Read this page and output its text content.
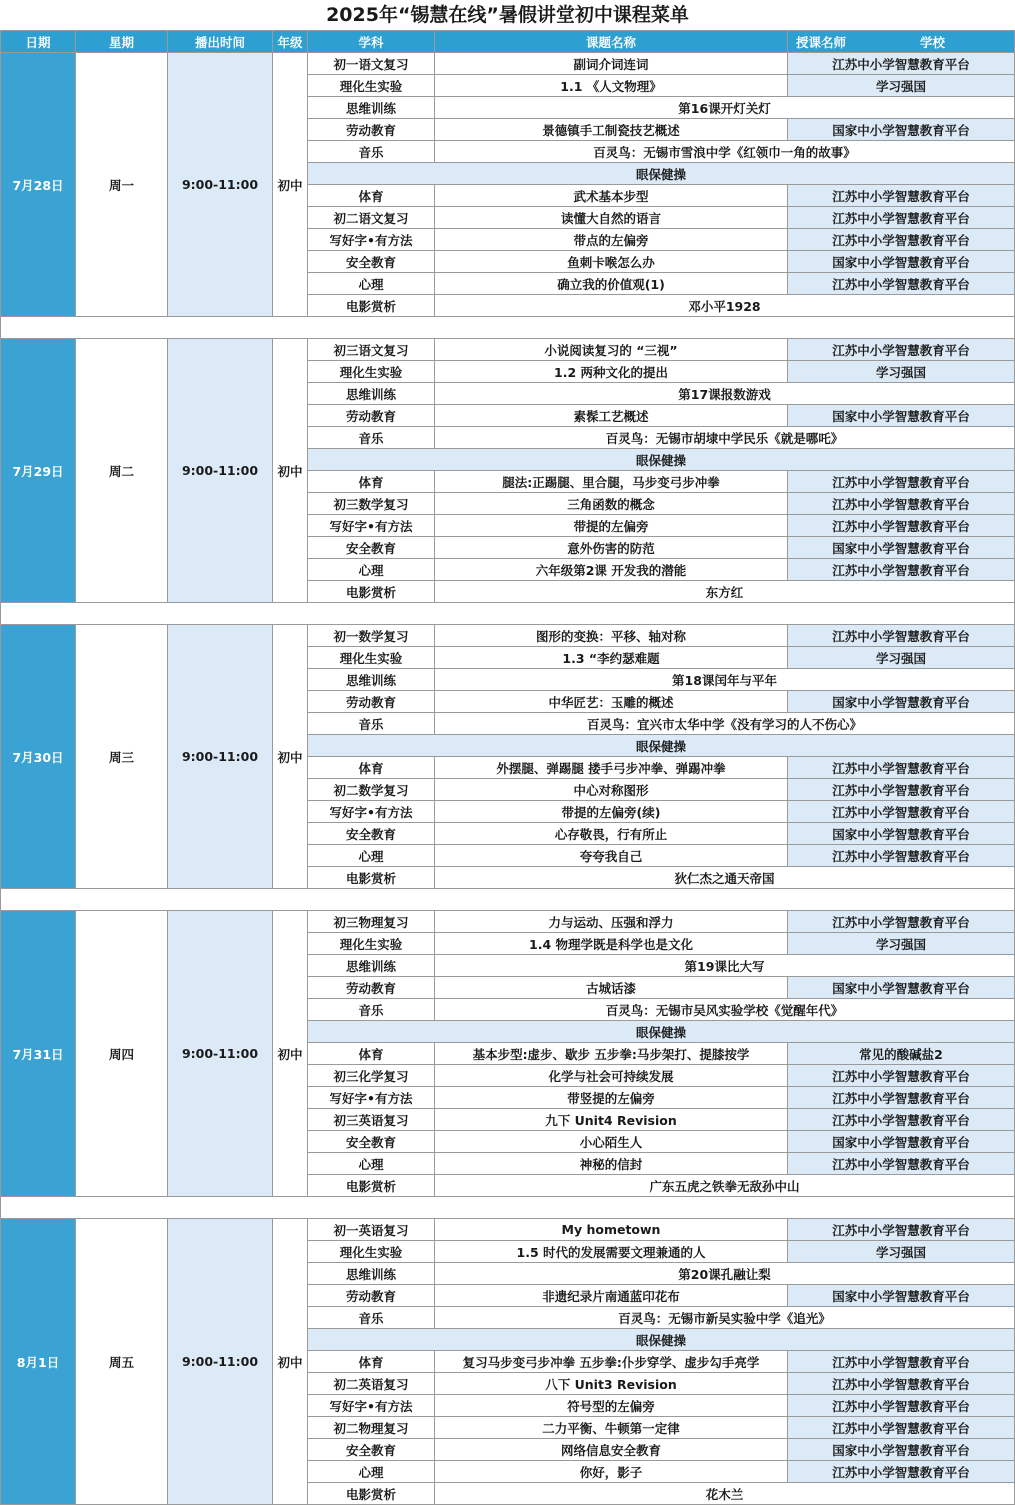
2025年“锡慧在线”暑假讲堂初中课程菜单
日期	星期	播出时间	年级	学科	课题名称	授课名师 学校

7月28日	周一	9:00-11:00	初中	初一语文复习	副词介词连词	江苏中小学智慧教育平台
				理化生实验	1.1 《人文物理》	学习强国
				思维训练	第16课开灯关灯	
				劳动教育	景德镇手工制瓷技艺概述	国家中小学智慧教育平台
				音乐	百灵鸟：无锡市雪浪中学《红领巾一角的故事》	
				眼保健操		
				体育	武术基本步型	江苏中小学智慧教育平台
				初二语文复习	读懂大自然的语言	江苏中小学智慧教育平台
				写好字•有方法	带点的左偏旁	江苏中小学智慧教育平台
				安全教育	鱼刺卡喉怎么办	国家中小学智慧教育平台
				心理	确立我的价值观(1)	江苏中小学智慧教育平台
				电影赏析	邓小平1928	

7月29日	周二	9:00-11:00	初中	初三语文复习	小说阅读复习的 “三视”	江苏中小学智慧教育平台
				理化生实验	1.2 两种文化的提出	学习强国
				思维训练	第17课报数游戏	
				劳动教育	素髹工艺概述	国家中小学智慧教育平台
				音乐	百灵鸟：无锡市胡埭中学民乐《就是哪吒》	
				眼保健操		
				体育	腿法:正踢腿、里合腿，马步变弓步冲拳	江苏中小学智慧教育平台
				初三数学复习	三角函数的概念	江苏中小学智慧教育平台
				写好字•有方法	带提的左偏旁	江苏中小学智慧教育平台
				安全教育	意外伤害的防范	国家中小学智慧教育平台
				心理	六年级第2课 开发我的潜能	江苏中小学智慧教育平台
				电影赏析	东方红	

7月30日	周三	9:00-11:00	初中	初一数学复习	图形的变换：平移、轴对称	江苏中小学智慧教育平台
				理化生实验	1.3 “李约瑟难题	学习强国
				思维训练	第18课闰年与平年	
				劳动教育	中华匠艺：玉雕的概述	国家中小学智慧教育平台
				音乐	百灵鸟：宜兴市太华中学《没有学习的人不伤心》	
				眼保健操		
				体育	外摆腿、弹踢腿 搂手弓步冲拳、弹踢冲拳	江苏中小学智慧教育平台
				初二数学复习	中心对称图形	江苏中小学智慧教育平台
				写好字•有方法	带提的左偏旁(续)	江苏中小学智慧教育平台
				安全教育	心存敬畏，行有所止	国家中小学智慧教育平台
				心理	夸夸我自己	江苏中小学智慧教育平台
				电影赏析	狄仁杰之通天帝国	

7月31日	周四	9:00-11:00	初中	初三物理复习	力与运动、压强和浮力	江苏中小学智慧教育平台
				理化生实验	1.4 物理学既是科学也是文化	学习强国
				思维训练	第19课比大写	
				劳动教育	古城话漆	国家中小学智慧教育平台
				音乐	百灵鸟：无锡市吴风实验学校《觉醒年代》	
				眼保健操		
				体育	基本步型:虚步、歇步 五步拳:马步架打、提膝按学	常见的酸碱盐2
				初三化学复习	化学与社会可持续发展	江苏中小学智慧教育平台
				写好字•有方法	带竖提的左偏旁	江苏中小学智慧教育平台
				初三英语复习	九下 Unit4 Revision	江苏中小学智慧教育平台
				安全教育	小心陌生人	国家中小学智慧教育平台
				心理	神秘的信封	江苏中小学智慧教育平台
				电影赏析	广东五虎之铁拳无敌孙中山	

8月1日	周五	9:00-11:00	初中	初一英语复习	My hometown	江苏中小学智慧教育平台
				理化生实验	1.5 时代的发展需要文理兼通的人	学习强国
				思维训练	第20课孔融让梨	
				劳动教育	非遗纪录片南通蓝印花布	国家中小学智慧教育平台
				音乐	百灵鸟：无锡市新吴实验中学《追光》	
				眼保健操		
				体育	复习马步变弓步冲拳 五步拳:仆步穿学、虚步勾手亮学	江苏中小学智慧教育平台
				初二英语复习	八下 Unit3 Revision	江苏中小学智慧教育平台
				写好字•有方法	符号型的左偏旁	江苏中小学智慧教育平台
				初二物理复习	二力平衡、牛顿第一定律	江苏中小学智慧教育平台
				安全教育	网络信息安全教育	国家中小学智慧教育平台
				心理	你好，影子	江苏中小学智慧教育平台
				电影赏析	花木兰	
